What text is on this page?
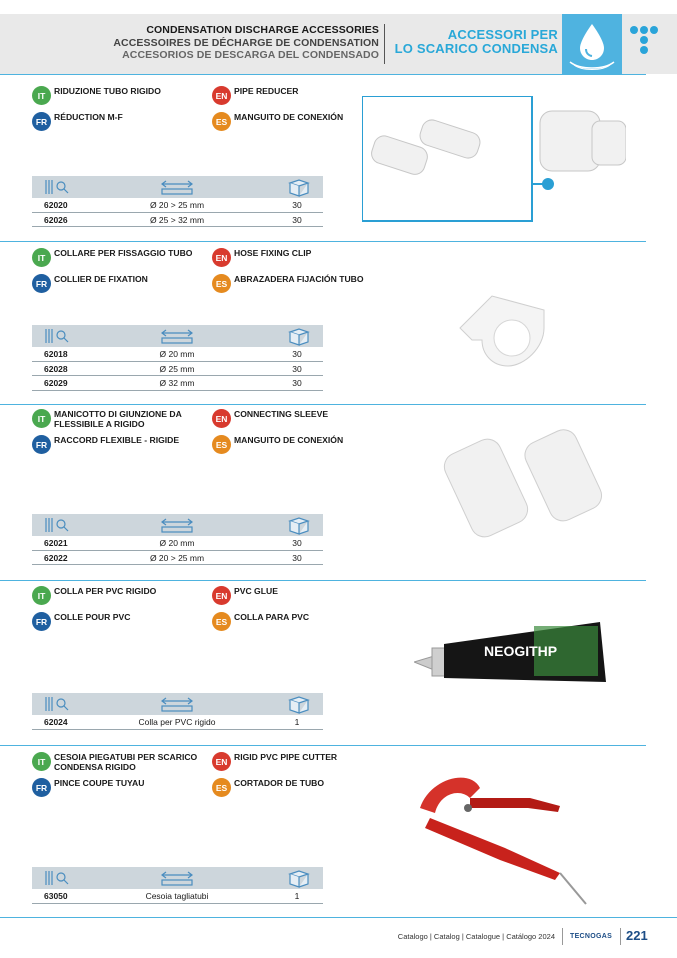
CONDENSATION DISCHARGE ACCESSORIES
ACCESSOIRES DE DÉCHARGE DE CONDENSATION
ACCESORIOS DE DESCARGA DEL CONDENSADO
ACCESSORI PER
LO SCARICO CONDENSA
IT	RIDUZIONE TUBO RIGIDO
FR RÉDUCTION M-F
EN PIPE REDUCER
ES MANGUITO DE CONEXIÓN
62020	Ø 20 > 25 mm	30
62026	Ø 25 > 32 mm	30
IT	COLLARE PER FISSAGGIO TUBO
FR COLLIER DE FIXATION
EN HOSE FIXING CLIP
ES ABRAZADERA FIJACIÓN TUBO
62018	Ø 20 mm	30
62028	Ø 25 mm	30
62029	Ø 32 mm	30
IT	MANICOTTO DI GIUNZIONE DA FLESSIBILE A RIGIDO
FR RACCORD FLEXIBLE - RIGIDE
EN CONNECTING SLEEVE
ES MANGUITO DE CONEXIÓN
62021	Ø 20 mm	30
62022	Ø 20 > 25 mm	30
IT	COLLA PER PVC RIGIDO
FR COLLE POUR PVC
EN PVC GLUE
ES COLLA PARA PVC
62024	Colla per PVC rigido	1
IT	CESOIA PIEGATUBI PER SCARICO CONDENSA RIGIDO
FR PINCE COUPE TUYAU
EN RIGID PVC PIPE CUTTER
ES CORTADOR DE TUBO
63050	Cesoia tagliatubi	1
Catalogo | Catalog | Catalogue | Catálogo 2024 TECNOGAS 221
NEOGITHP
